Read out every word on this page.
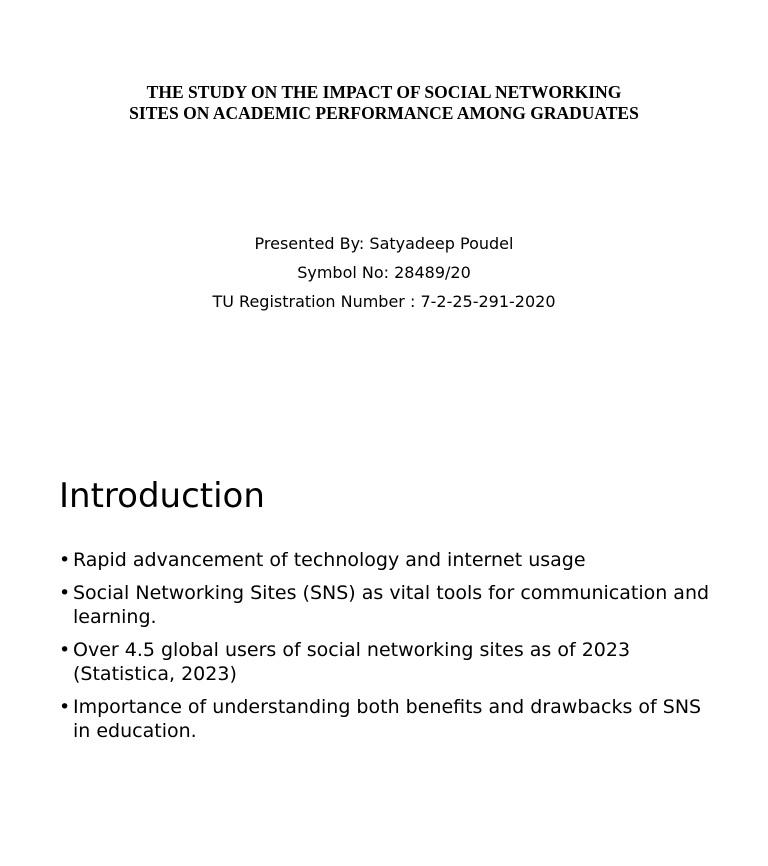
THE STUDY ON THE IMPACT OF SOCIAL NETWORKING
SITES ON ACADEMIC PERFORMANCE AMONG GRADUATES
Presented By: Satyadeep Poudel
Symbol No: 28489/20
TU Registration Number : 7-2-25-291-2020
Introduction
• Rapid advancement of technology and internet usage
• Social Networking Sites (SNS) as vital tools for communication and learning.
• Over 4.5 global users of social networking sites as of 2023 (Statistica, 2023)
• Importance of understanding both benefits and drawbacks of SNS in education.
